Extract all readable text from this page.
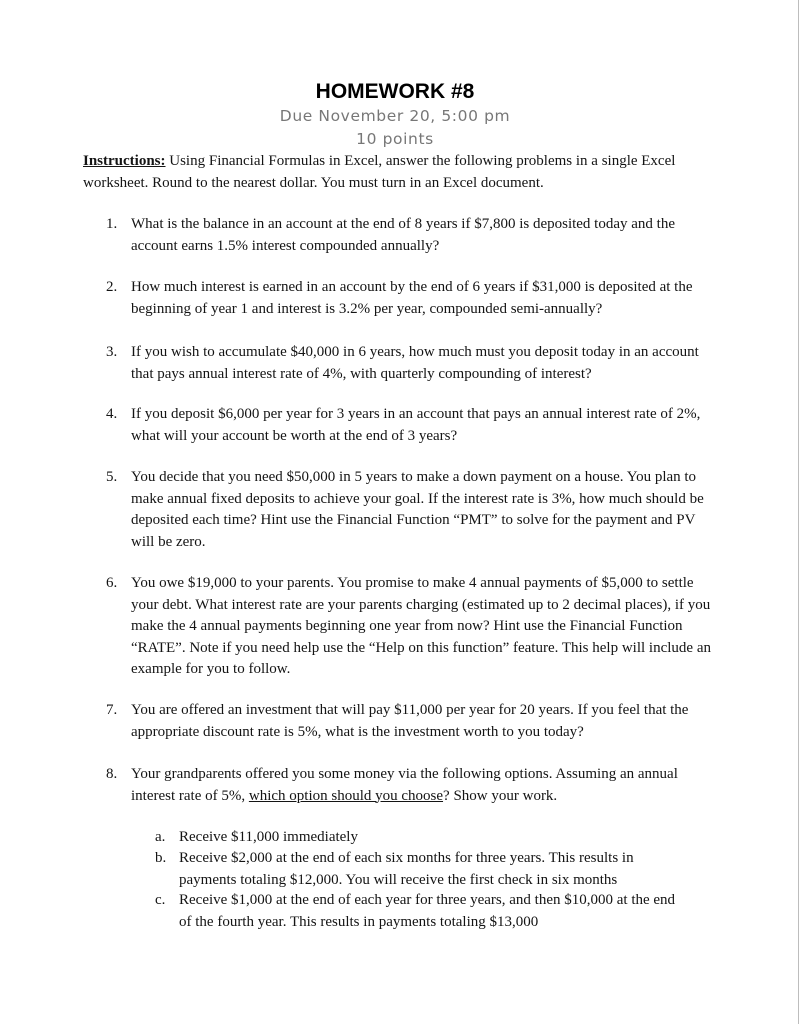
HOMEWORK #8
Due November 20, 5:00 pm
10 points
Instructions: Using Financial Formulas in Excel, answer the following problems in a single Excel worksheet. Round to the nearest dollar. You must turn in an Excel document.
1. What is the balance in an account at the end of 8 years if $7,800 is deposited today and the account earns 1.5% interest compounded annually?
2. How much interest is earned in an account by the end of 6 years if $31,000 is deposited at the beginning of year 1 and interest is 3.2% per year, compounded semi-annually?
3. If you wish to accumulate $40,000 in 6 years, how much must you deposit today in an account that pays annual interest rate of 4%, with quarterly compounding of interest?
4. If you deposit $6,000 per year for 3 years in an account that pays an annual interest rate of 2%, what will your account be worth at the end of 3 years?
5. You decide that you need $50,000 in 5 years to make a down payment on a house. You plan to make annual fixed deposits to achieve your goal. If the interest rate is 3%, how much should be deposited each time? Hint use the Financial Function “PMT” to solve for the payment and PV will be zero.
6. You owe $19,000 to your parents. You promise to make 4 annual payments of $5,000 to settle your debt. What interest rate are your parents charging (estimated up to 2 decimal places), if you make the 4 annual payments beginning one year from now? Hint use the Financial Function “RATE”. Note if you need help use the “Help on this function” feature. This help will include an example for you to follow.
7. You are offered an investment that will pay $11,000 per year for 20 years. If you feel that the appropriate discount rate is 5%, what is the investment worth to you today?
8. Your grandparents offered you some money via the following options. Assuming an annual interest rate of 5%, which option should you choose? Show your work.
a. Receive $11,000 immediately
b. Receive $2,000 at the end of each six months for three years. This results in payments totaling $12,000. You will receive the first check in six months
c. Receive $1,000 at the end of each year for three years, and then $10,000 at the end of the fourth year. This results in payments totaling $13,000
